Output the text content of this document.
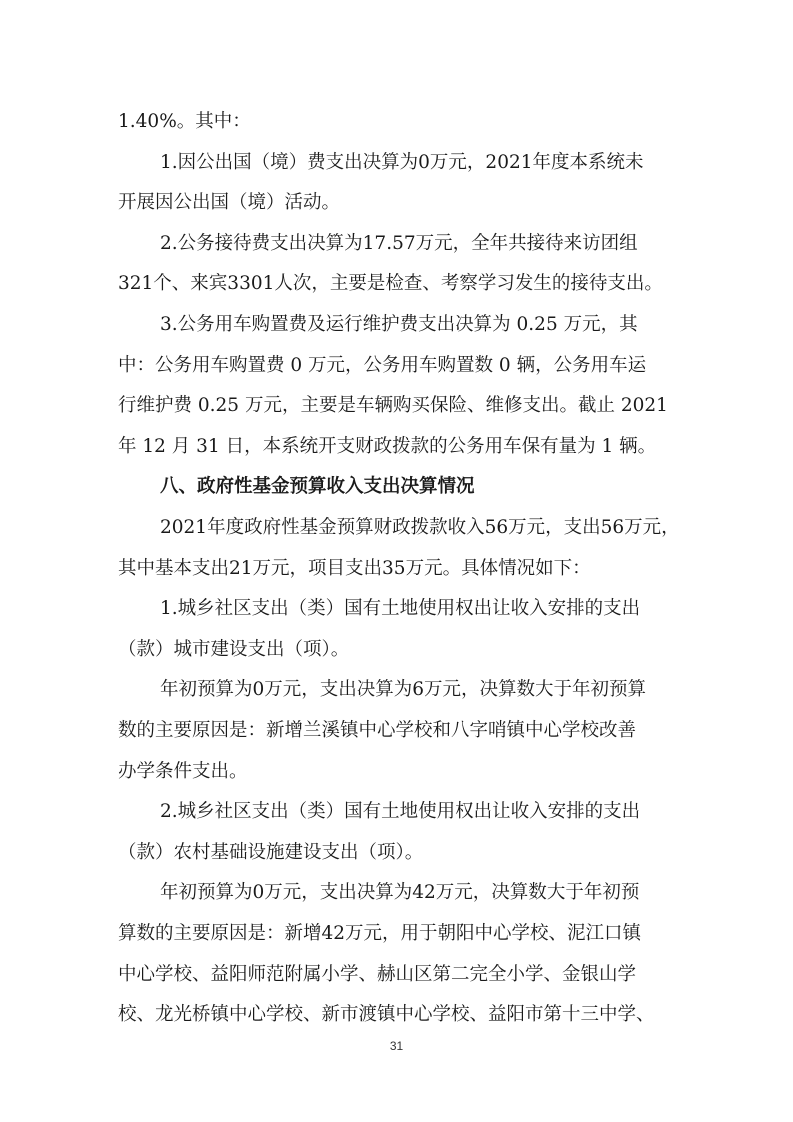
1.40%。其中：
1.因公出国（境）费支出决算为0万元，2021年度本系统未
开展因公出国（境）活动。
2.公务接待费支出决算为17.57万元，全年共接待来访团组
321个、来宾3301人次，主要是检查、考察学习发生的接待支出。
3.公务用车购置费及运行维护费支出决算为 0.25 万元，其
中：公务用车购置费 0 万元，公务用车购置数 0 辆，公务用车运
行维护费 0.25 万元，主要是车辆购买保险、维修支出。截止 2021
年 12 月 31 日，本系统开支财政拨款的公务用车保有量为 1 辆。
八、政府性基金预算收入支出决算情况
2021年度政府性基金预算财政拨款收入56万元，支出56万元，
其中基本支出21万元，项目支出35万元。具体情况如下：
1.城乡社区支出（类）国有土地使用权出让收入安排的支出
（款）城市建设支出（项）。
年初预算为0万元，支出决算为6万元，决算数大于年初预算
数的主要原因是：新增兰溪镇中心学校和八字哨镇中心学校改善
办学条件支出。
2.城乡社区支出（类）国有土地使用权出让收入安排的支出
（款）农村基础设施建设支出（项）。
年初预算为0万元，支出决算为42万元，决算数大于年初预
算数的主要原因是：新增42万元，用于朝阳中心学校、泥江口镇
中心学校、益阳师范附属小学、赫山区第二完全小学、金银山学
校、龙光桥镇中心学校、新市渡镇中心学校、益阳市第十三中学、
31
